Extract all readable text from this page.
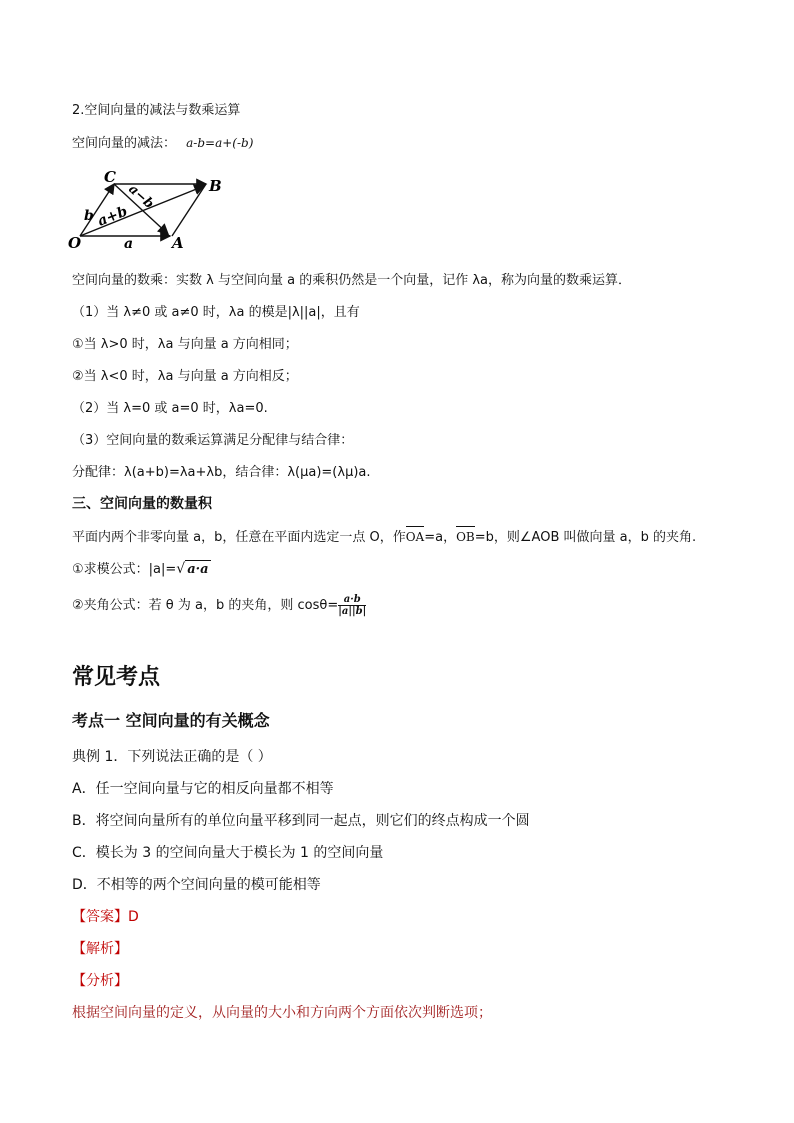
2.空间向量的减法与数乘运算
空间向量的减法： a-b=a+(-b)
O	A
B
C
a
b a+b
a−b
空间向量的数乘：实数 λ 与空间向量 a 的乘积仍然是一个向量，记作 λa，称为向量的数乘运算．
（1）当 λ≠0 或 a≠0 时，λa 的模是|λ||a|，且有
①当 λ>0 时，λa 与向量 a 方向相同；
②当 λ<0 时，λa 与向量 a 方向相反；
（2）当 λ=0 或 a=0 时，λa=0.
（3）空间向量的数乘运算满足分配律与结合律：
分配律：λ(a+b)=λa+λb，结合律：λ(μa)=(λμ)a.
三、空间向量的数量积
平面内两个非零向量 a，b，任意在平面内选定一点 O，作OA=a，OB=b，则∠AOB 叫做向量 a，b 的夹角.
①求模公式：|a|=√ a·a
②夹角公式：若 θ 为 a，b 的夹角，则 $\cos\theta= \frac{a\cdot b}{|a||b|}$
常见考点
考点一 空间向量的有关概念
典例 1．下列说法正确的是（ ）
A．任一空间向量与它的相反向量都不相等
B．将空间向量所有的单位向量平移到同一起点，则它们的终点构成一个圆
C．模长为 3 的空间向量大于模长为 1 的空间向量
D．不相等的两个空间向量的模可能相等
【答案】D
【解析】
【分析】
根据空间向量的定义，从向量的大小和方向两个方面依次判断选项；
